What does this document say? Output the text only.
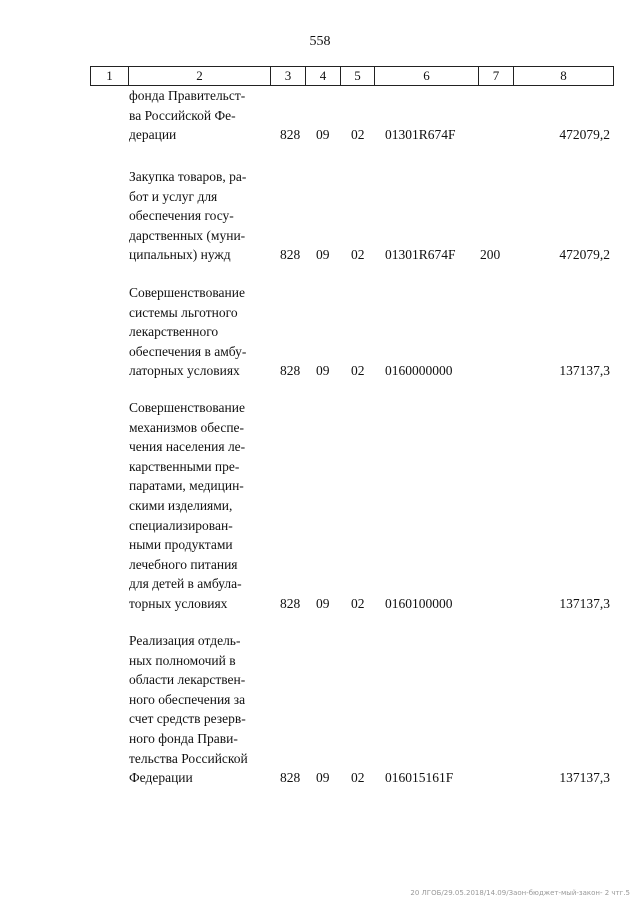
558
1	2	3	4	5	6	7	8
фонда Правительст-
ва Российской Фе-
дерации	828 09 02 01301R674F	472079,2
Закупка товаров, ра-
бот и услуг для
обеспечения госу-
дарственных (муни-
ципальных) нужд	828 09 02 01301R674F 200	472079,2
Совершенствование
системы льготного
лекарственного
обеспечения в амбу-
латорных условиях	828 09 02 0160000000	137137,3
Совершенствование
механизмов обеспе-
чения населения ле-
карственными пре-
паратами, медицин-
скими изделиями,
специализирован-
ными продуктами
лечебного питания
для детей в амбула-
торных условиях	828 09 02 0160100000	137137,3
Реализация отдель-
ных полномочий в
области лекарствен-
ного обеспечения за
счет средств резерв-
ного фонда Прави-
тельства Российской
Федерации	828 09 02 016015161F	137137,3
20 ЛГОБ/29.05.2018/14.09/Заон-бюджет-мый-закон- 2 чтг.5
